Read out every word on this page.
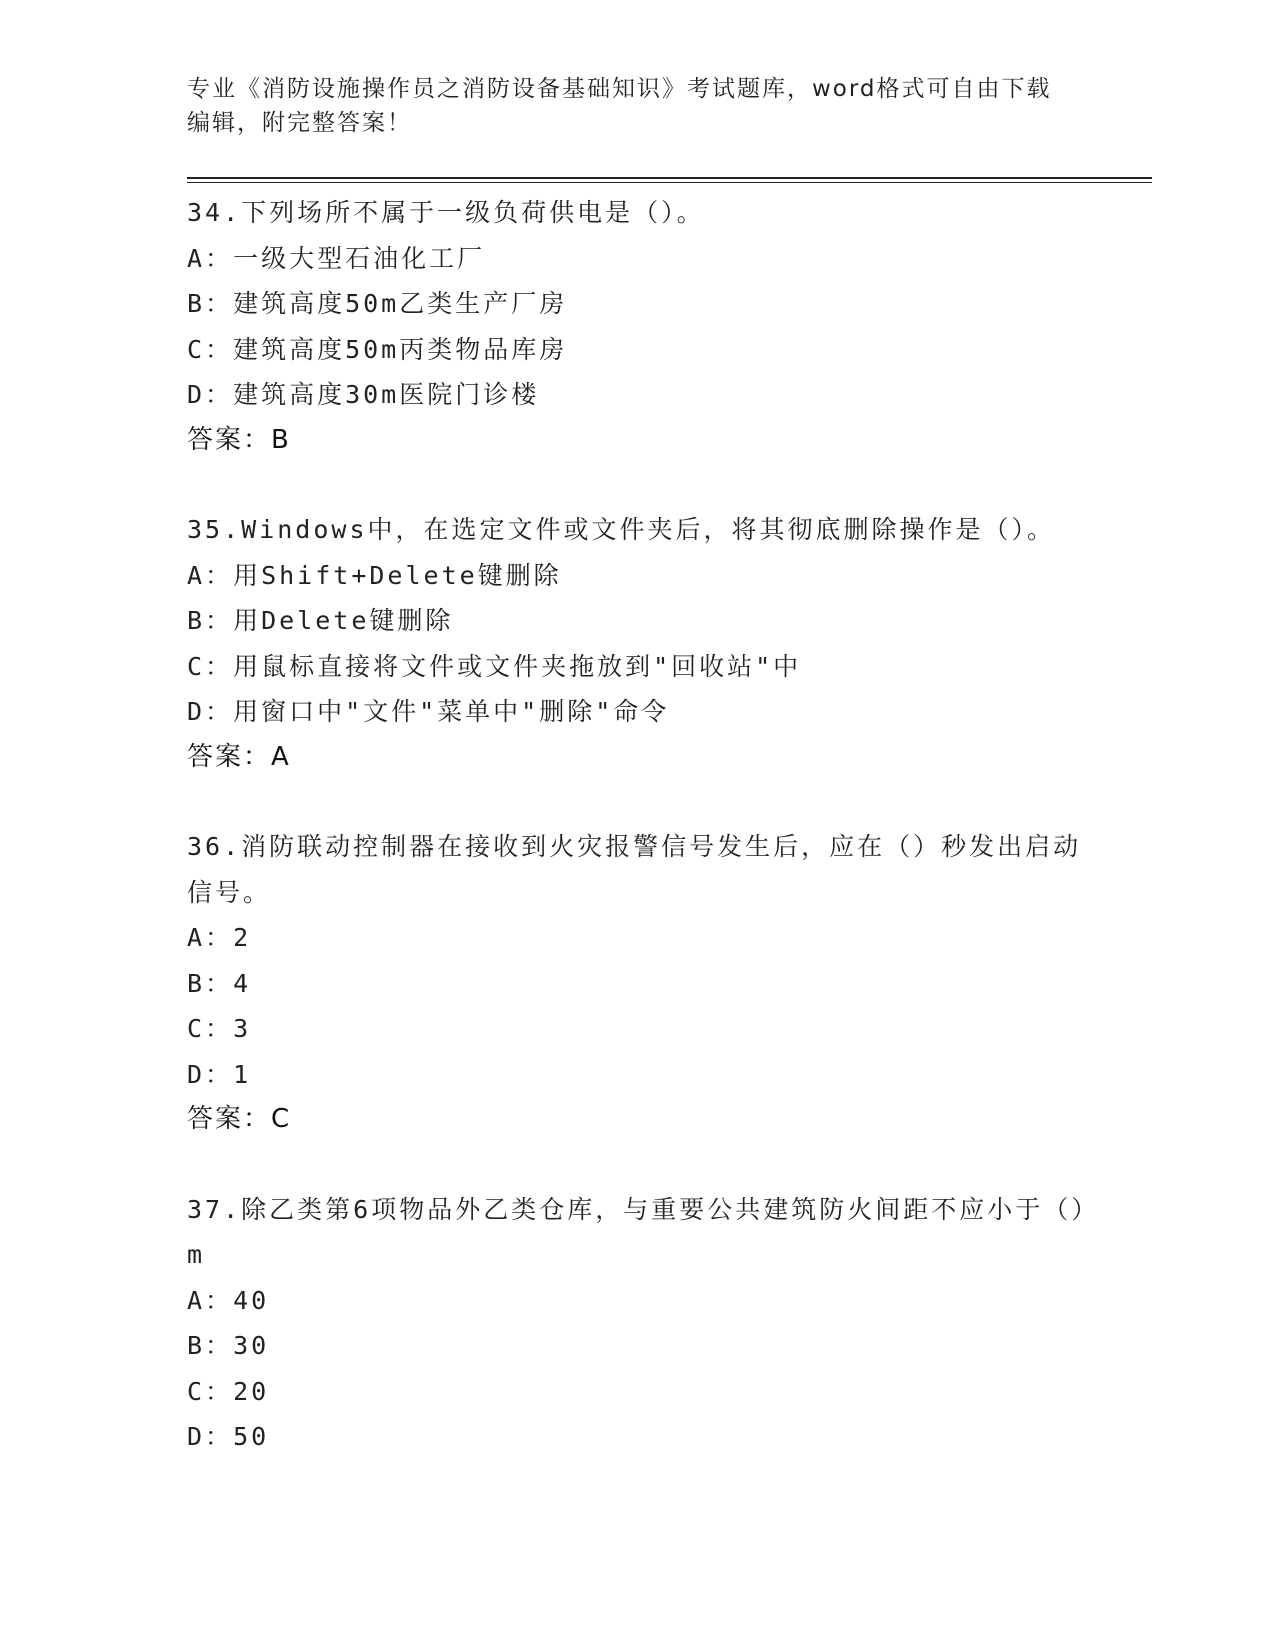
专业《消防设施操作员之消防设备基础知识》考试题库，word格式可自由下载编辑，附完整答案！

34.下列场所不属于一级负荷供电是（）。

A：一级大型石油化工厂
B：建筑高度50m乙类生产厂房
C：建筑高度50m丙类物品库房
D：建筑高度30m医院门诊楼
答案：B

35.Windows中，在选定文件或文件夹后，将其彻底删除操作是（）。

A：用Shift+Delete键删除
B：用Delete键删除
C：用鼠标直接将文件或文件夹拖放到"回收站"中
D：用窗口中"文件"菜单中"删除"命令
答案：A

36.消防联动控制器在接收到火灾报警信号发生后，应在（）秒发出启动信号。

A：2
B：4
C：3
D：1
答案：C

37.除乙类第6项物品外乙类仓库，与重要公共建筑防火间距不应小于（）m

A：40
B：30
C：20
D：50
